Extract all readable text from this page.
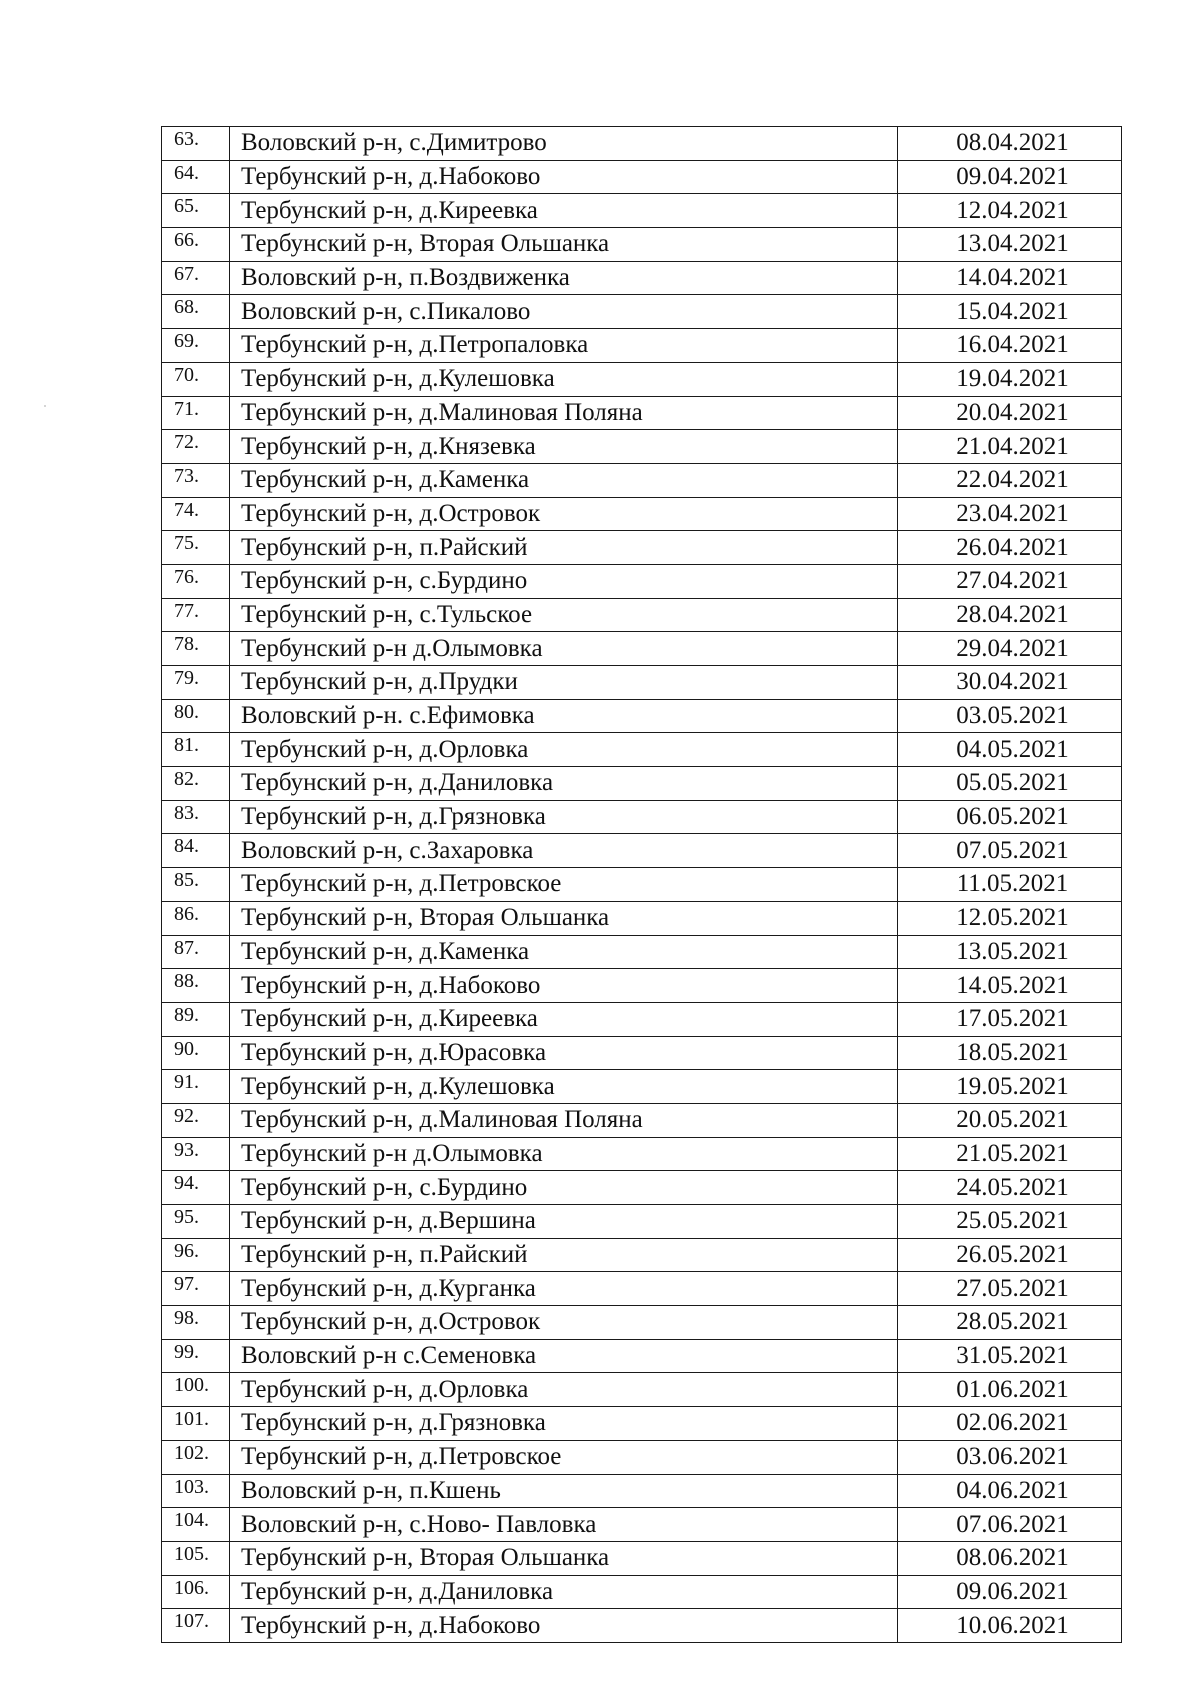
63.	Воловский р-н, с.Димитрово	08.04.2021
64.	Тербунский р-н, д.Набоково	09.04.2021
65.	Тербунский р-н, д.Киреевка	12.04.2021
66.	Тербунский р-н, Вторая Ольшанка	13.04.2021
67.	Воловский р-н, п.Воздвиженка	14.04.2021
68.	Воловский р-н, с.Пикалово	15.04.2021
69.	Тербунский р-н, д.Петропаловка	16.04.2021
70.	Тербунский р-н, д.Кулешовка	19.04.2021
71.	Тербунский р-н, д.Малиновая Поляна	20.04.2021
72.	Тербунский р-н, д.Князевка	21.04.2021
73.	Тербунский р-н, д.Каменка	22.04.2021
74.	Тербунский р-н, д.Островок	23.04.2021
75.	Тербунский р-н, п.Райский	26.04.2021
76.	Тербунский р-н, с.Бурдино	27.04.2021
77.	Тербунский р-н, с.Тульское	28.04.2021
78.	Тербунский р-н д.Олымовка	29.04.2021
79.	Тербунский р-н, д.Прудки	30.04.2021
80.	Воловский р-н. с.Ефимовка	03.05.2021
81.	Тербунский р-н, д.Орловка	04.05.2021
82.	Тербунский р-н, д.Даниловка	05.05.2021
83.	Тербунский р-н, д.Грязновка	06.05.2021
84.	Воловский р-н, с.Захаровка	07.05.2021
85.	Тербунский р-н, д.Петровское	11.05.2021
86.	Тербунский р-н, Вторая Ольшанка	12.05.2021
87.	Тербунский р-н, д.Каменка	13.05.2021
88.	Тербунский р-н, д.Набоково	14.05.2021
89.	Тербунский р-н, д.Киреевка	17.05.2021
90.	Тербунский р-н, д.Юрасовка	18.05.2021
91.	Тербунский р-н, д.Кулешовка	19.05.2021
92.	Тербунский р-н, д.Малиновая Поляна	20.05.2021
93.	Тербунский р-н д.Олымовка	21.05.2021
94.	Тербунский р-н, с.Бурдино	24.05.2021
95.	Тербунский р-н, д.Вершина	25.05.2021
96.	Тербунский р-н, п.Райский	26.05.2021
97.	Тербунский р-н, д.Курганка	27.05.2021
98.	Тербунский р-н, д.Островок	28.05.2021
99.	Воловский р-н с.Семеновка	31.05.2021
100.	Тербунский р-н, д.Орловка	01.06.2021
101.	Тербунский р-н, д.Грязновка	02.06.2021
102.	Тербунский р-н, д.Петровское	03.06.2021
103.	Воловский р-н, п.Кшень	04.06.2021
104.	Воловский р-н, с.Ново- Павловка	07.06.2021
105.	Тербунский р-н, Вторая Ольшанка	08.06.2021
106.	Тербунский р-н, д.Даниловка	09.06.2021
107.	Тербунский р-н, д.Набоково	10.06.2021
